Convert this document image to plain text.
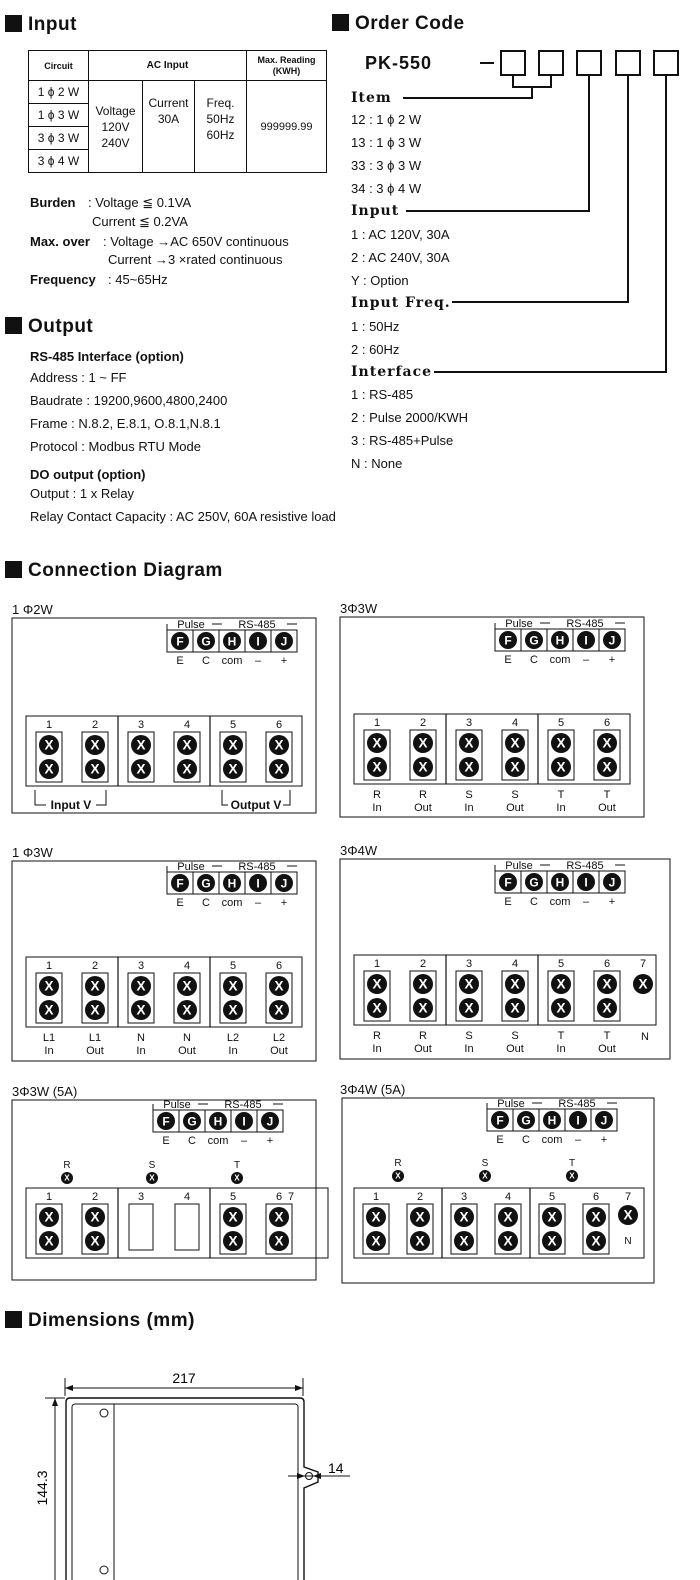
Input
Circuit	AC Input			Max. Reading (KWH)
1 ϕ 2 W	Voltage 120V 240V	Current 30A	Freq. 50Hz 60Hz	999999.99
1 ϕ 3 W				
3 ϕ 3 W				
3 ϕ 4 W				
Burden : Voltage ≦ 0.1VA
Current ≦ 0.2VA
Max. over : Voltage →AC 650V continuous
Current →3 ×rated continuous
Frequency : 45~65Hz
Output
RS-485 Interface (option)
Address : 1 ~ FF
Baudrate : 19200,9600,4800,2400
Frame : N.8.2, E.8.1, O.8.1,N.8.1
Protocol : Modbus RTU Mode
DO output (option)
Output : 1 x Relay
Relay Contact Capacity : AC 250V, 60A resistive load
Order Code
PK-550
Item
12 : 1 ϕ 2 W
13 : 1 ϕ 3 W
33 : 3 ϕ 3 W
34 : 3 ϕ 4 W
Input
1 : AC 120V, 30A
2 : AC 240V, 30A
Y : Option
Input Freq.
1 : 50Hz
2 : 60Hz
Interface
1 : RS-485
2 : Pulse 2000/KWH
3 : RS-485+Pulse
N : None
Connection Diagram
1 Φ2W
Pulse	RS-485
F
E
G
C
H
com
I
–
J
+
1
X
X
2
X
X
3
X
X
4
X
X
5
X
X
6
X
X
Input V	Output V
3Φ3W
Pulse	RS-485
F
E
G
C
H
com
I
–
J
+
1
X
X
2
X
X
3
X
X
4
X
X
5
X
X
6
X
X
R
In
R
Out
S
In
S
Out
T
In
T
Out
1 Φ3W
Pulse	RS-485
F
E
G
C
H
com
I
–
J
+
1
X
X
2
X
X
3
X
X
4
X
X
5
X
X
6
X
X
L1
In
L1
Out
N
In
N
Out
L2
In
L2
Out
3Φ4W
Pulse	RS-485
F
E
G
C
H
com
I
–
J
+
1
X
X
2
X
X
3
X
X
4
X
X
5
X
X
6
X
X
R
In
R
Out
S
In
S
Out
T
In
T
Out
7
X
N
3Φ3W (5A)
Pulse	RS-485
F
E
G
C
H
com
I
–
J
+
R
X
S
X
T
X
1
X
X
2
X
X
3	4	5
X
X
6
X
X
7
3Φ4W (5A)
Pulse	RS-485
F
E
G
C
H
com
I
–
J
+
R
X
S
X
T
X
1
X
X
2
X
X
3
X
X
4
X
X
5
X
X
6
X
X
7
X
N
Dimensions (mm)
217
144.3
14
